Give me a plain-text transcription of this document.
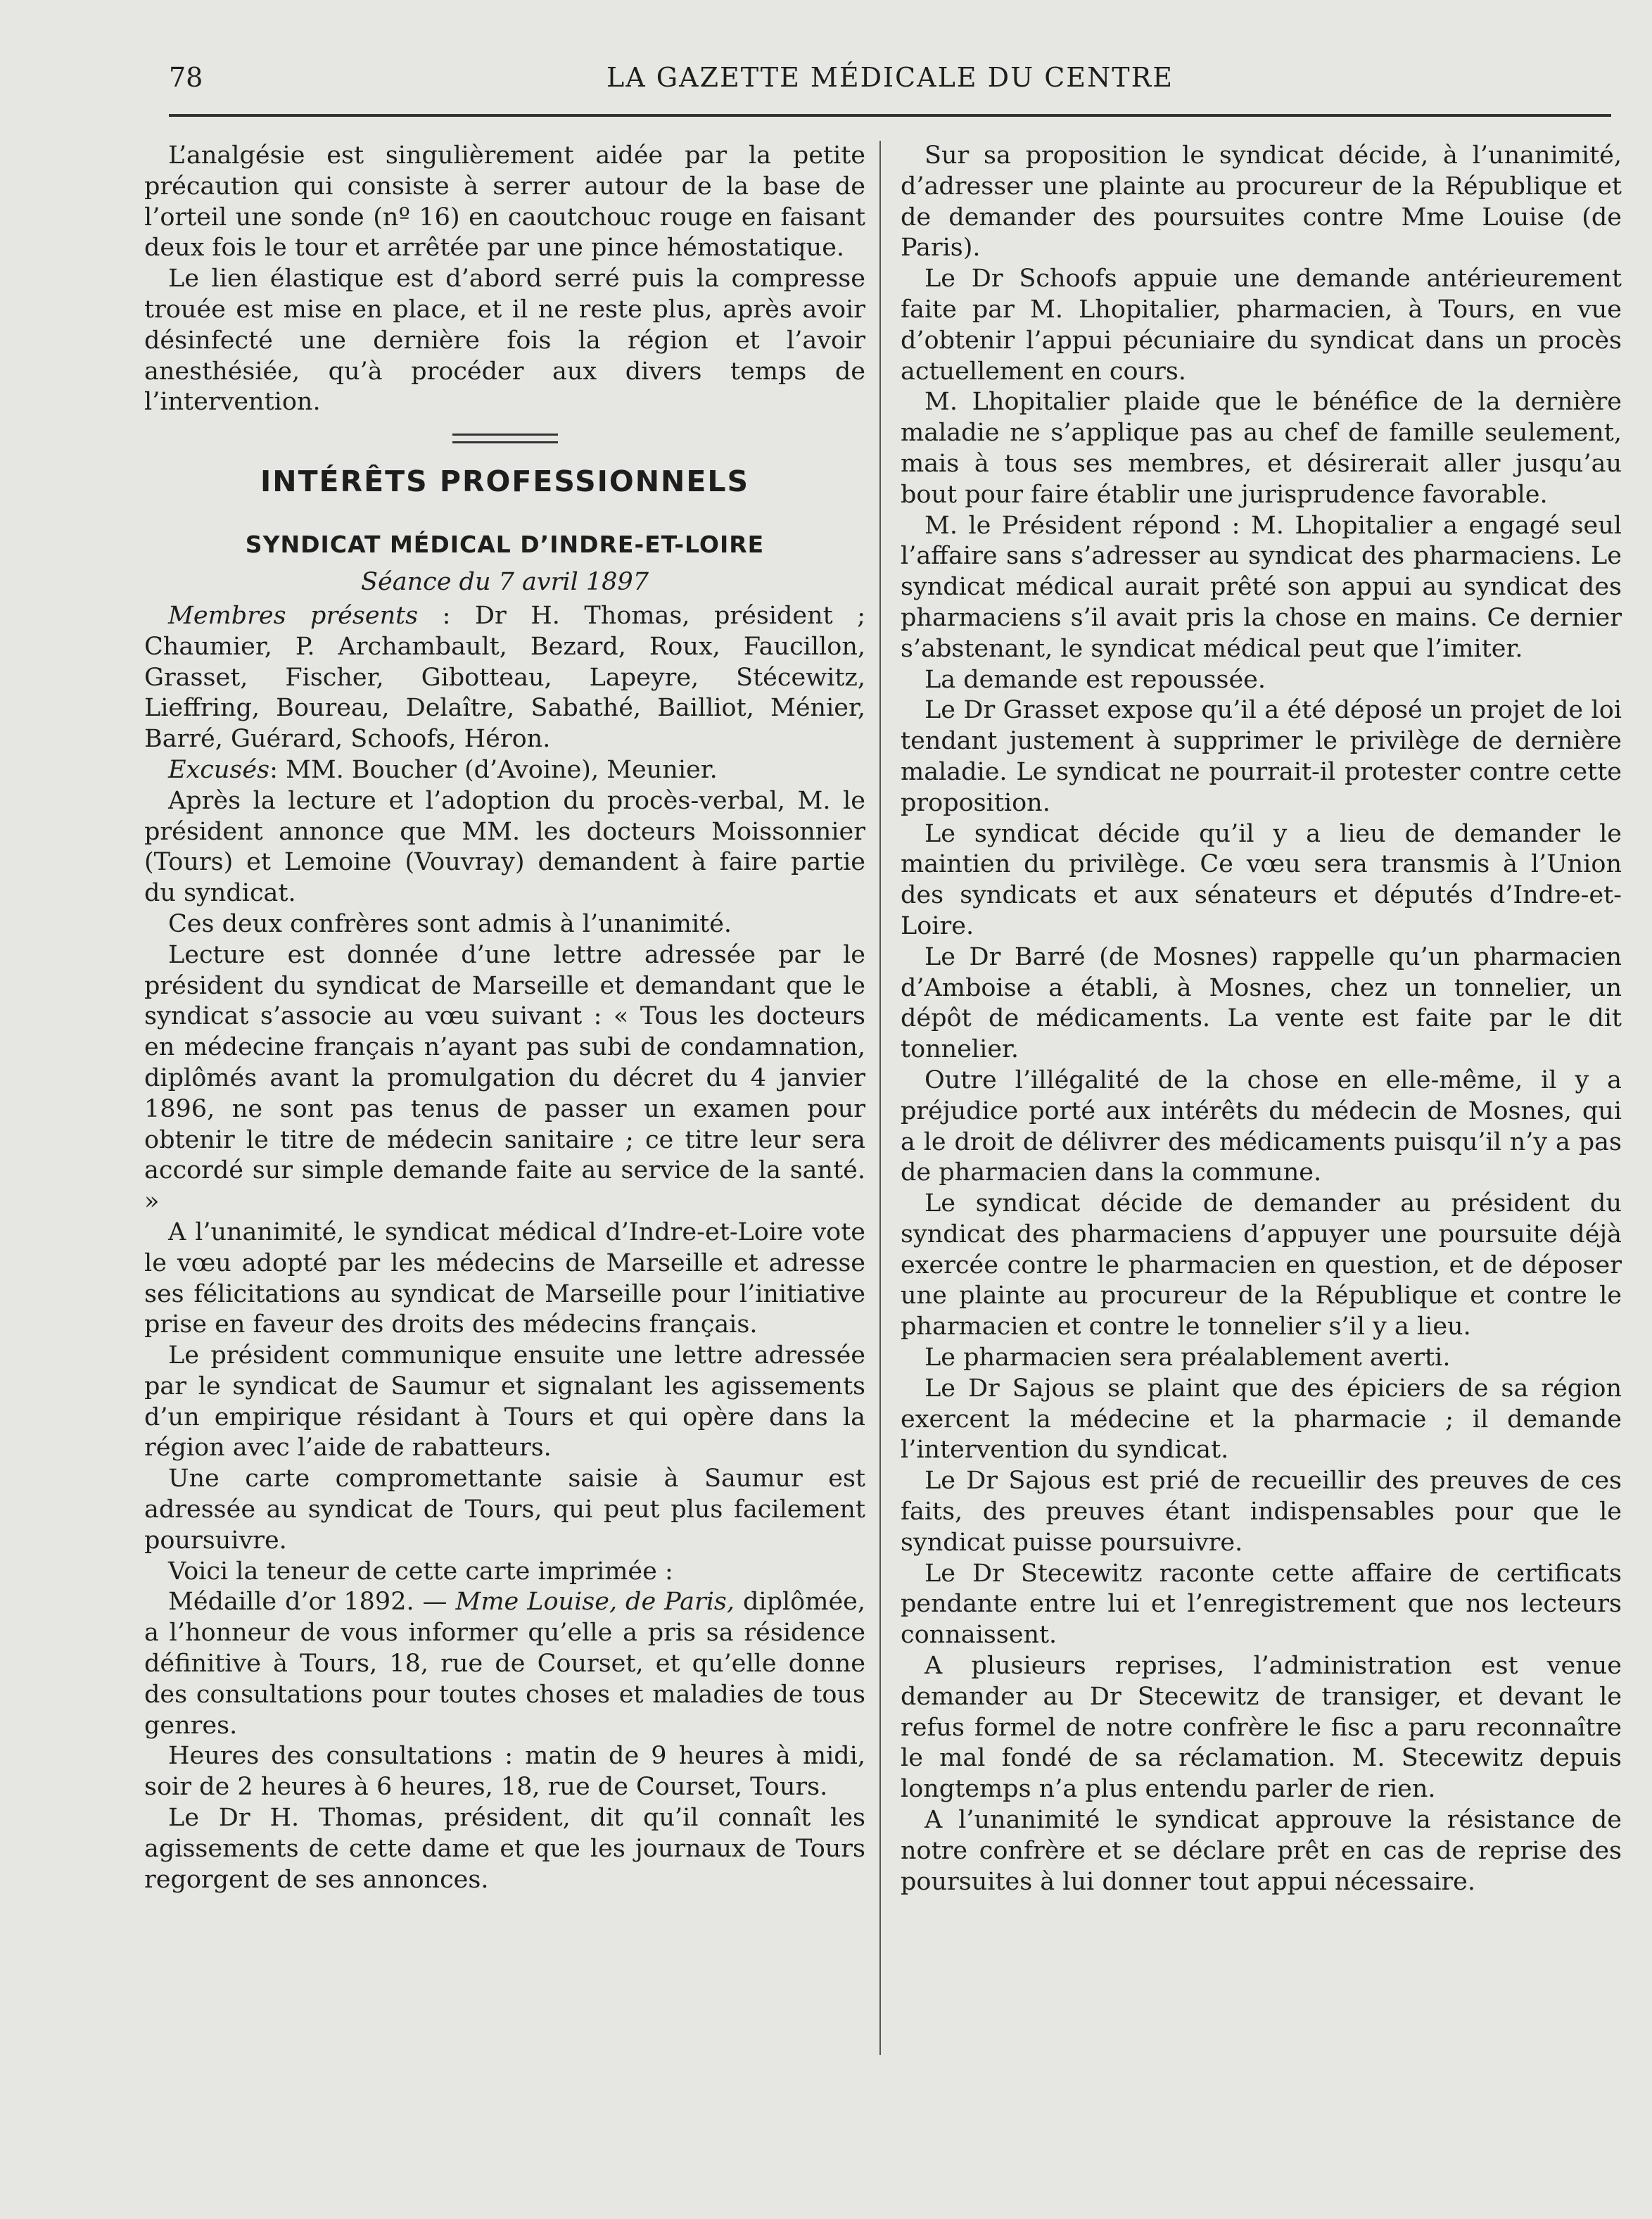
78	LA GAZETTE MÉDICALE DU CENTRE

L’analgésie est singulièrement aidée par la petite précaution qui consiste à serrer autour de la base de l’orteil une sonde (nº 16) en caoutchouc rouge en faisant deux fois le tour et arrêtée par une pince hémostatique.

Le lien élastique est d’abord serré puis la compresse trouée est mise en place, et il ne reste plus, après avoir désinfecté une dernière fois la région et l’avoir anesthésiée, qu’à procéder aux divers temps de l’intervention.

INTÉRÊTS PROFESSIONNELS
SYNDICAT MÉDICAL D’INDRE-ET-LOIRE
Séance du 7 avril 1897

Membres présents : Dr H. Thomas, président ; Chaumier, P. Archambault, Bezard, Roux, Faucillon, Grasset, Fischer, Gibotteau, Lapeyre, Stécewitz, Lieffring, Boureau, Delaître, Sabathé, Bailliot, Ménier, Barré, Guérard, Schoofs, Héron.

Excusés: MM. Boucher (d’Avoine), Meunier.

Après la lecture et l’adoption du procès-verbal, M. le président annonce que MM. les docteurs Moissonnier (Tours) et Lemoine (Vouvray) demandent à faire partie du syndicat.

Ces deux confrères sont admis à l’unanimité.

Lecture est donnée d’une lettre adressée par le président du syndicat de Marseille et demandant que le syndicat s’associe au vœu suivant : « Tous les docteurs en médecine français n’ayant pas subi de condamnation, diplômés avant la promulgation du décret du 4 janvier 1896, ne sont pas tenus de passer un examen pour obtenir le titre de médecin sanitaire ; ce titre leur sera accordé sur simple demande faite au service de la santé. »

A l’unanimité, le syndicat médical d’Indre-et-Loire vote le vœu adopté par les médecins de Marseille et adresse ses félicitations au syndicat de Marseille pour l’initiative prise en faveur des droits des médecins français.

Le président communique ensuite une lettre adressée par le syndicat de Saumur et signalant les agissements d’un empirique résidant à Tours et qui opère dans la région avec l’aide de rabatteurs.

Une carte compromettante saisie à Saumur est adressée au syndicat de Tours, qui peut plus facilement poursuivre.

Voici la teneur de cette carte imprimée :

Médaille d’or 1892. — Mme Louise, de Paris, diplômée, a l’honneur de vous informer qu’elle a pris sa résidence définitive à Tours, 18, rue de Courset, et qu’elle donne des consultations pour toutes choses et maladies de tous genres.

Heures des consultations : matin de 9 heures à midi, soir de 2 heures à 6 heures, 18, rue de Courset, Tours.

Le Dr H. Thomas, président, dit qu’il connaît les agissements de cette dame et que les journaux de Tours regorgent de ses annonces.

Sur sa proposition le syndicat décide, à l’unanimité, d’adresser une plainte au procureur de la République et de demander des poursuites contre Mme Louise (de Paris).

Le Dr Schoofs appuie une demande antérieurement faite par M. Lhopitalier, pharmacien, à Tours, en vue d’obtenir l’appui pécuniaire du syndicat dans un procès actuellement en cours.

M. Lhopitalier plaide que le bénéfice de la dernière maladie ne s’applique pas au chef de famille seulement, mais à tous ses membres, et désirerait aller jusqu’au bout pour faire établir une jurisprudence favorable.

M. le Président répond : M. Lhopitalier a engagé seul l’affaire sans s’adresser au syndicat des pharmaciens. Le syndicat médical aurait prêté son appui au syndicat des pharmaciens s’il avait pris la chose en mains. Ce dernier s’abstenant, le syndicat médical peut que l’imiter.

La demande est repoussée.

Le Dr Grasset expose qu’il a été déposé un projet de loi tendant justement à supprimer le privilège de dernière maladie. Le syndicat ne pourrait-il protester contre cette proposition.

Le syndicat décide qu’il y a lieu de demander le maintien du privilège. Ce vœu sera transmis à l’Union des syndicats et aux sénateurs et députés d’Indre-et-Loire.

Le Dr Barré (de Mosnes) rappelle qu’un pharmacien d’Amboise a établi, à Mosnes, chez un tonnelier, un dépôt de médicaments. La vente est faite par le dit tonnelier.

Outre l’illégalité de la chose en elle-même, il y a préjudice porté aux intérêts du médecin de Mosnes, qui a le droit de délivrer des médicaments puisqu’il n’y a pas de pharmacien dans la commune.

Le syndicat décide de demander au président du syndicat des pharmaciens d’appuyer une poursuite déjà exercée contre le pharmacien en question, et de déposer une plainte au procureur de la République et contre le pharmacien et contre le tonnelier s’il y a lieu.

Le pharmacien sera préalablement averti.

Le Dr Sajous se plaint que des épiciers de sa région exercent la médecine et la pharmacie ; il demande l’intervention du syndicat.

Le Dr Sajous est prié de recueillir des preuves de ces faits, des preuves étant indispensables pour que le syndicat puisse poursuivre.

Le Dr Stecewitz raconte cette affaire de certificats pendante entre lui et l’enregistrement que nos lecteurs connaissent.

A plusieurs reprises, l’administration est venue demander au Dr Stecewitz de transiger, et devant le refus formel de notre confrère le fisc a paru reconnaître le mal fondé de sa réclamation. M. Stecewitz depuis longtemps n’a plus entendu parler de rien.

A l’unanimité le syndicat approuve la résistance de notre confrère et se déclare prêt en cas de reprise des poursuites à lui donner tout appui nécessaire.
